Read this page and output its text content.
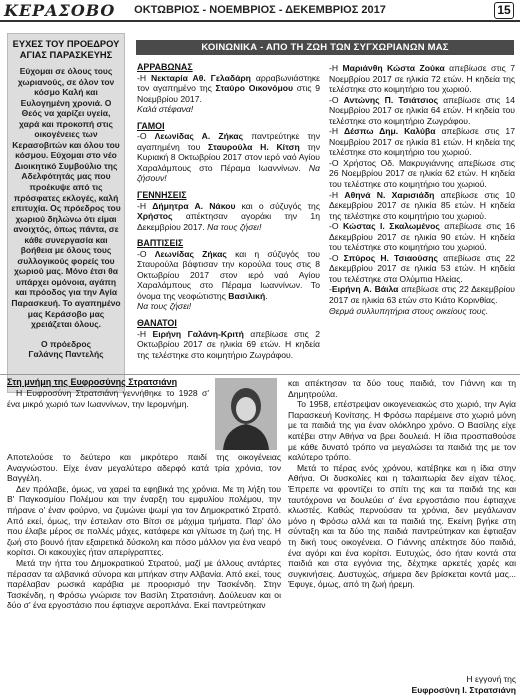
ΚΕΡΑΣΟΒΟ	ΟΚΤΩΒΡΙΟΣ - ΝΟΕΜΒΡΙΟΣ - ΔΕΚΕΜΒΡΙΟΣ 2017	15
ΕΥΧΕΣ ΤΟΥ ΠΡΟΕΔΡΟΥ ΑΓΙΑΣ ΠΑΡΑΣΚΕΥΗΣ
Εύχομαι σε όλους τους χωριανούς, σε όλον τον κόσμο Καλή και Ευλογημένη χρονιά. Ο Θεός να χαρίζει υγεία, χαρά και προκοπή στις οικογένειες των Κερασοβιτών και όλου του κόσμου. Εύχομαι στο νέο Διοικητικό Συμβούλιο της Αδελφότητάς μας που προέκυψε από τις πρόσφατες εκλογές, καλή επιτυχία. Ος πρόεδρος του χωριού δηλώνω ότι είμαι ανοιχτός, όπως πάντα, σε κάθε συνεργασία και βοήθεια με όλους τους συλλογικούς φορείς του χωριού μας. Μόνο έτσι θα υπάρχει ομόνοια, αγάπη και πρόοδος για την Αγία Παρασκευή. Το αγαπημένο μας Κεράσοβο μας χρειάζεται όλους.
Ο πρόεδρος
Γαλάνης Παντελής
ΚΟΙΝΩΝΙΚΑ - ΑΠΟ ΤΗ ΖΩΗ ΤΩΝ ΣΥΓΧΩΡΙΑΝΩΝ ΜΑΣ
ΑΡΡΑΒΩΝΑΣ

-Η Νεκταρία Αθ. Γελαδάρη αρραβωνιάστηκε τον αγαπημένο της Σταύρο Οικονόμου στις 9 Νοεμβρίου 2017.

Καλά στέφανα!

ΓΑΜΟΙ

-Ο Λεωνίδας Α. Ζήκας παντρεύτηκε την αγαπημένη του Σταυρούλα Η. Κίτση την Κυριακή 8 Οκτωβρίου 2017 στον ιερό ναό Αγίου Χαραλάμπους στο Πέραμα Ιωαννίνων. Να ζήσουν!

ΓΕΝΝΗΣΕΙΣ

-Η Δήμητρα Α. Νάκου και ο σύζυγός της Χρήστος απέκτησαν αγοράκι την 1η Δεκεμβρίου 2017. Να τους ζήσει!

ΒΑΠΤΙΣΕΙΣ

-Ο Λεωνίδας Ζήκας και η σύζυγός του Σταυρούλα βάφτισαν την κορούλα τους στις 8 Οκτωβρίου 2017 στον ιερό ναό Αγίου Χαραλάμπους στο Πέραμα Ιωαννίνων. Το όνομα της νεοφώτιστης Βασιλική.

Να τους ζήσει!

ΘΑΝΑΤΟΙ

-Η Ειρήνη Γαλάνη-Κριτή απεβίωσε στις 2 Οκτωβρίου 2017 σε ηλικία 69 ετών. Η κηδεία της τελέστηκε στο κοιμητήριο Ζωγράφου.

-Η Μαριάνθη Κώστα Ζούκα απεβίωσε στις 7 Νοεμβρίου 2017 σε ηλικία 72 ετών. Η κηδεία της τελέστηκε στο κοιμητήριο του χωριού.

-Ο Αντώνης Π. Τσιάτσιος απεβίωσε στις 14 Νοεμβρίου 2017 σε ηλικία 64 ετών. Η κηδεία του τελέστηκε στο κοιμητήριο Ζωγράφου.

-Η Δέσπω Δημ. Καλύβα απεβίωσε στις 17 Νοεμβρίου 2017 σε ηλικία 81 ετών. Η κηδεία της τελέστηκε στο κοιμητήριο του χωριού.

-Ο Χρήστος Οδ. Μακρυγιάννης απεβίωσε στις 26 Νοεμβρίου 2017 σε ηλικία 62 ετών. Η κηδεία του τελέστηκε στο κοιμητήριο του χωριού.

-Η Αθηνά Ν. Χαρισιάδη απεβίωσε στις 10 Δεκεμβρίου 2017 σε ηλικία 85 ετών. Η κηδεία της τελέστηκε στο κοιμητήριο του χωριού.

-Ο Κώστας Ι. Σκαλωμένος απεβίωσε στις 16 Δεκεμβρίου 2017 σε ηλικία 90 ετών. Η κηδεία του τελέστηκε στο κοιμητήριο του χωριού.

-Ο Σπύρος Η. Τσιαούσης απεβίωσε στις 22 Δεκεμβρίου 2017 σε ηλικία 53 ετών. Η κηδεία του τελέστηκε στα Ολύμπια Ηλείας.

-Ειρήνη Α. Βάιλα απεβίωσε στις 22 Δεκεμβρίου 2017 σε ηλικία 63 ετών στο Κιάτο Κορινθίας.

Θερμά συλλυπητήρια στους οικείους τους.

Στη μνήμη της Ευφροσύνης Στρατσιάνη

Η Ευφροσύνη Στρατσιάνη γεννήθηκε το 1928 σ' ένα μικρό χωριό των Ιωαννίνων, την Ιερομνήμη.

Αποτελούσε το δεύτερο και μικρότερο παιδί της οικογένειας Αναγνώστου. Είχε έναν μεγαλύτερο αδερφό κατά τρία χρόνια, τον Βαγγέλη.

Δεν πρόλαβε, όμως, να χαρεί τα εφηβικά της χρόνια. Με τη λήξη του Β' Παγκοσμίου Πολέμου και την έναρξη του εμφυλίου πολέμου, την πήρανε ο' έναν φούρνο, να ζυμώνει ψωμί για τον Δημοκρατικό Στρατό. Από εκεί, όμως, την έστειλαν στο Βίτσι σε μάχιμα τμήματα. Παρ' όλο που έλαβε μέρος σε πολλές μάχες, κατάφερε και γλίτωσε τη ζωή της. Η ζωή στο βουνό ήταν εξαιρετικά δύσκολη και πόσο μάλλον για ένα νεαρό κορίτσι. Οι κακουχίες ήταν απερίγραπτες.

Μετά την ήττα του Δημοκρατικού Στρατού, μαζί με άλλους αντάρτες πέρασαν τα αλβανικά σύνορα και μπήκαν στην Αλβανία. Από εκεί, τους παρέλαβαν ρωσικά καράβια με προορισμό την Τασκένδη. Στην Τασκένδη, η Φρόσω γνώρισε τον Βασίλη Στρατσιάνη. Δούλευαν και οι δύο σ' ένα εργοστάσιο που έφτιαχνε αεροπλάνα. Εκεί παντρεύτηκαν

και απέκτησαν τα δύο τους παιδιά, τον Γιάννη και τη Δημητρούλα.

Το 1958, επέστρεψαν οικογενειακώς στο χωριό, την Αγία Παρασκευή Κονίτσης. Η Φρόσω παρέμεινε στο χωριό μόνη με τα παιδιά της για έναν ολόκληρο χρόνο. Ο Βασίλης είχε κατέβει στην Αθήνα να βρει δουλειά. Η ίδια προσπαθούσε με κάθε δυνατό τρόπο να μεγαλώσει τα παιδιά της με τον καλύτερο τρόπο.

Μετά το πέρας ενός χρόνου, κατέβηκε και η ίδια στην Αθήνα. Οι δυσκολίες και η ταλαιπωρία δεν είχαν τέλος. Έπρεπε να φροντίζει το σπίτι της και τα παιδιά της και ταυτόχρονα να δουλεύει σ' ένα εργοστάσιο που έφτιαχνε κλωστές. Καθώς περνούσαν τα χρόνια, δεν μεγάλωναν μόνο η Φρόσω αλλά και τα παιδιά της. Εκείνη βγήκε στη σύνταξη και τα δύο της παιδιά παντρεύτηκαν και έφτιαξαν τη δική τους οικογένεια. Ο Γιάννης απέκτησε δύο παιδιά, ένα αγόρι και ένα κορίτσι. Ευτυχώς, όσο ήταν κοντά στα παιδιά και στα εγγόνια της, δέχτηκε αρκετές χαρές και συγκινήσεις. Δυστυχώς, σήμερα δεν βρίσκεται κοντά μας... Έφυγε, όμως, από τη ζωή ήρεμη.

Η εγγονή της
Ευφροσύνη Ι. Στρατσιάνη
